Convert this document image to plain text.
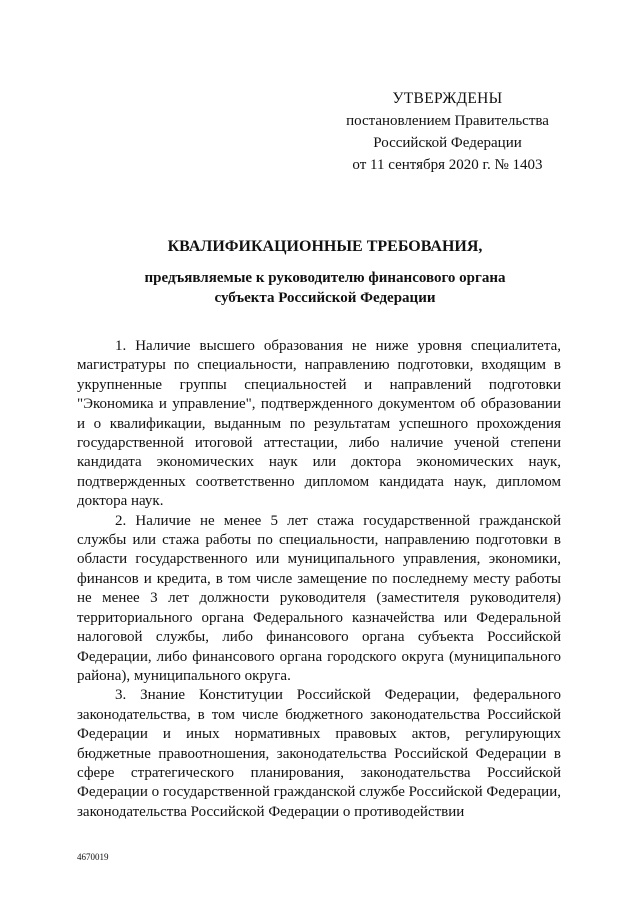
УТВЕРЖДЕНЫ
постановлением Правительства
Российской Федерации
от 11 сентября 2020 г. № 1403
КВАЛИФИКАЦИОННЫЕ ТРЕБОВАНИЯ,
предъявляемые к руководителю финансового органа
субъекта Российской Федерации

1. Наличие высшего образования не ниже уровня специалитета, магистратуры по специальности, направлению подготовки, входящим в укрупненные группы специальностей и направлений подготовки "Экономика и управление", подтвержденного документом об образовании и о квалификации, выданным по результатам успешного прохождения государственной итоговой аттестации, либо наличие ученой степени кандидата экономических наук или доктора экономических наук, подтвержденных соответственно дипломом кандидата наук, дипломом доктора наук.

2. Наличие не менее 5 лет стажа государственной гражданской службы или стажа работы по специальности, направлению подготовки в области государственного или муниципального управления, экономики, финансов и кредита, в том числе замещение по последнему месту работы не менее 3 лет должности руководителя (заместителя руководителя) территориального органа Федерального казначейства или Федеральной налоговой службы, либо финансового органа субъекта Российской Федерации, либо финансового органа городского округа (муниципального района), муниципального округа.

3. Знание Конституции Российской Федерации, федерального законодательства, в том числе бюджетного законодательства Российской Федерации и иных нормативных правовых актов, регулирующих бюджетные правоотношения, законодательства Российской Федерации в сфере стратегического планирования, законодательства Российской Федерации о государственной гражданской службе Российской Федерации, законодательства Российской Федерации о противодействии

4670019
